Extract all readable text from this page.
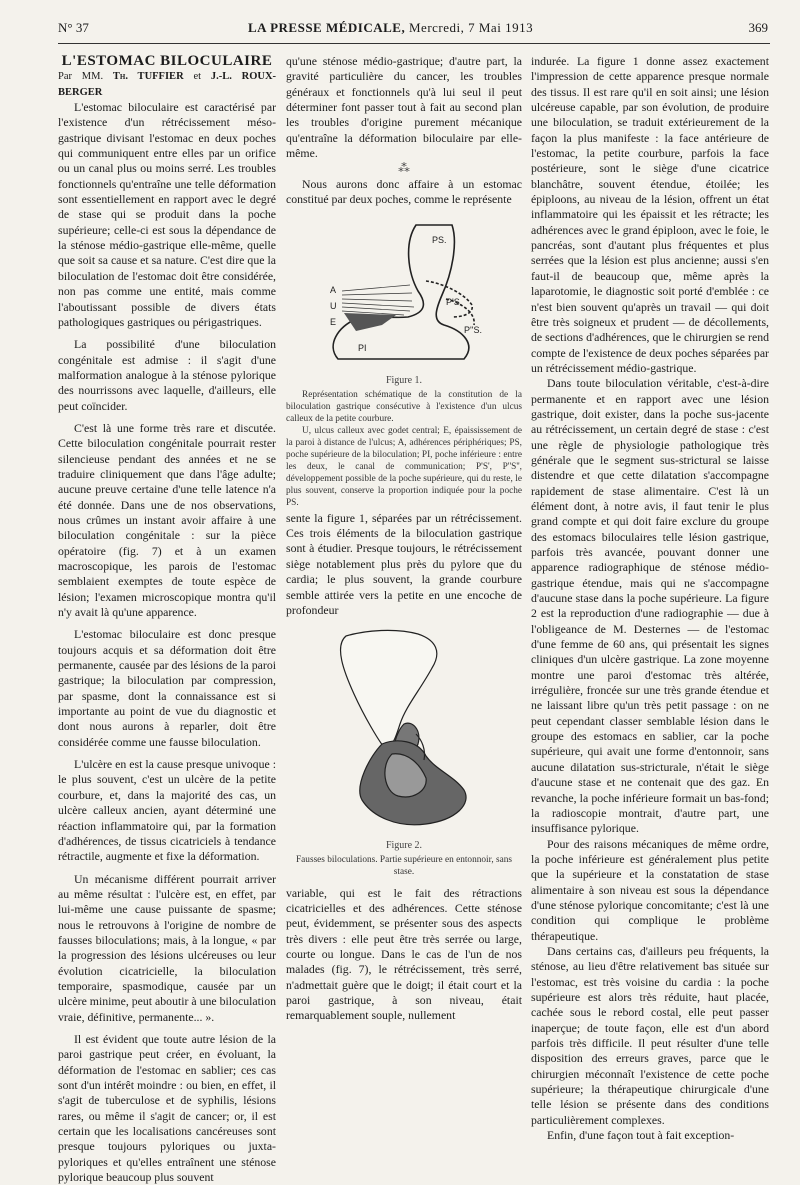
N° 37	LA PRESSE MÉDICALE, Mercredi, 7 Mai 1913	369

L'ESTOMAC BILOCULAIRE

Par MM. Th. TUFFIER et J.-L. ROUX-BERGER

L'estomac biloculaire est caractérisé par l'existence d'un rétrécissement méso-gastrique divisant l'estomac en deux poches qui communiquent entre elles par un orifice ou un canal plus ou moins serré. Les troubles fonctionnels qu'entraîne une telle déformation sont essentiellement en rapport avec le degré de stase qui se produit dans la poche supérieure; celle-ci est sous la dépendance de la sténose médio-gastrique elle-même, quelle que soit sa cause et sa nature. C'est dire que la biloculation de l'estomac doit être considérée, non pas comme une entité, mais comme l'aboutissant possible de divers états pathologiques gastriques ou périgastriques.

La possibilité d'une biloculation congénitale est admise : il s'agit d'une malformation analogue à la sténose pylorique des nourrissons avec laquelle, d'ailleurs, elle peut coïncider.

C'est là une forme très rare et discutée. Cette biloculation congénitale pourrait rester silencieuse pendant des années et ne se traduire cliniquement que dans l'âge adulte; aucune preuve certaine d'une telle latence n'a été donnée. Dans une de nos observations, nous crûmes un instant avoir affaire à une biloculation congénitale : sur la pièce opératoire (fig. 7) et à un examen macroscopique, les parois de l'estomac semblaient exemptes de toute espèce de lésion; l'examen microscopique montra qu'il n'y avait là qu'une apparence.

L'estomac biloculaire est donc presque toujours acquis et sa déformation doit être permanente, causée par des lésions de la paroi gastrique; la biloculation par compression, par spasme, dont la connaissance est si importante au point de vue du diagnostic et dont nous aurons à reparler, doit être considérée comme une fausse biloculation.

L'ulcère en est la cause presque univoque : le plus souvent, c'est un ulcère de la petite courbure, et, dans la majorité des cas, un ulcère calleux ancien, ayant déterminé une réaction inflammatoire qui, par la formation d'adhérences, de tissus cicatriciels à tendance rétractile, augmente et fixe la déformation.

Un mécanisme différent pourrait arriver au même résultat : l'ulcère est, en effet, par lui-même une cause puissante de spasme; nous le retrouvons à l'origine de nombre de fausses biloculations; mais, à la longue, « par la progression des lésions ulcéreuses ou leur évolution cicatricielle, la biloculation temporaire, spasmodique, causée par un ulcère minime, peut aboutir à une biloculation vraie, définitive, permanente... ».

Il est évident que toute autre lésion de la paroi gastrique peut créer, en évoluant, la déformation de l'estomac en sablier; ces cas sont d'un intérêt moindre : ou bien, en effet, il s'agit de tuberculose et de syphilis, lésions rares, ou même il s'agit de cancer; or, il est certain que les localisations cancéreuses sont presque toujours pyloriques ou juxta-pyloriques et qu'elles entraînent une sténose pylorique beaucoup plus souvent

qu'une sténose médio-gastrique; d'autre part, la gravité particulière du cancer, les troubles généraux et fonctionnels qu'à lui seul il peut déterminer font passer tout à fait au second plan les troubles d'origine purement mécanique qu'entraîne la déformation biloculaire par elle-même.

⁂

Nous aurons donc affaire à un estomac constitué par deux poches, comme le représente

PS.
A
U
E
P'S.
P''S.
PI

Figure 1.

Représentation schématique de la constitution de la biloculation gastrique consécutive à l'existence d'un ulcus calleux de la petite courbure.

U, ulcus calleux avec godet central; E, épaississement de la paroi à distance de l'ulcus; A, adhérences périphériques; PS, poche supérieure de la biloculation; PI, poche inférieure : entre les deux, le canal de communication; P'S', P''S'', développement possible de la poche supérieure, qui du reste, le plus souvent, conserve la proportion indiquée pour la poche PS.

sente la figure 1, séparées par un rétrécissement. Ces trois éléments de la biloculation gastrique sont à étudier. Presque toujours, le rétrécissement siège notablement plus près du pylore que du cardia; le plus souvent, la grande courbure semble attirée vers la petite en une encoche de profondeur

Figure 2.

Fausses biloculations. Partie supérieure en entonnoir, sans stase.

variable, qui est le fait des rétractions cicatricielles et des adhérences. Cette sténose peut, évidemment, se présenter sous des aspects très divers : elle peut être très serrée ou large, courte ou longue. Dans le cas de l'un de nos malades (fig. 7), le rétrécissement, très serré, n'admettait guère que le doigt; il était court et la paroi gastrique, à son niveau, était remarquablement souple, nullement

indurée. La figure 1 donne assez exactement l'impression de cette apparence presque normale des tissus. Il est rare qu'il en soit ainsi; une lésion ulcéreuse capable, par son évolution, de produire une biloculation, se traduit extérieurement de la façon la plus manifeste : la face antérieure de l'estomac, la petite courbure, parfois la face postérieure, sont le siège d'une cicatrice blanchâtre, souvent étendue, étoilée; les épiploons, au niveau de la lésion, offrent un état inflammatoire qui les épaissit et les rétracte; les adhérences avec le grand épiploon, avec le foie, le pancréas, sont d'autant plus fréquentes et plus serrées que la lésion est plus ancienne; aussi s'en faut-il de beaucoup que, même après la laparotomie, le diagnostic soit porté d'emblée : ce n'est bien souvent qu'après un travail — qui doit être très soigneux et prudent — de décollements, de sections d'adhérences, que le chirurgien se rend compte de l'existence de deux poches séparées par un rétrécissement médio-gastrique.

Dans toute biloculation véritable, c'est-à-dire permanente et en rapport avec une lésion gastrique, doit exister, dans la poche sus-jacente au rétrécissement, un certain degré de stase : c'est une règle de physiologie pathologique très générale que le segment sus-strictural se laisse distendre et que cette dilatation s'accompagne rapidement de stase alimentaire. C'est là un élément dont, à notre avis, il faut tenir le plus grand compte et qui doit faire exclure du groupe des estomacs biloculaires telle lésion gastrique, parfois très avancée, pouvant donner une apparence radiographique de sténose médio-gastrique étendue, mais qui ne s'accompagne d'aucune stase dans la poche supérieure. La figure 2 est la reproduction d'une radiographie — due à l'obligeance de M. Desternes — de l'estomac d'une femme de 60 ans, qui présentait les signes cliniques d'un ulcère gastrique. La zone moyenne montre une paroi d'estomac très altérée, irrégulière, froncée sur une très grande étendue et ne laissant libre qu'un très petit passage : on ne peut cependant classer semblable lésion dans le groupe des estomacs en sablier, car la poche supérieure, qui avait une forme d'entonnoir, sans aucune dilatation sus-stricturale, n'était le siège d'aucune stase et ne contenait que des gaz. En revanche, la poche inférieure formait un bas-fond; la radioscopie montrait, d'autre part, une insuffisance pylorique.

Pour des raisons mécaniques de même ordre, la poche inférieure est généralement plus petite que la supérieure et la constatation de stase alimentaire à son niveau est sous la dépendance d'une sténose pylorique concomitante; c'est là une condition qui complique le problème thérapeutique.

Dans certains cas, d'ailleurs peu fréquents, la sténose, au lieu d'être relativement bas située sur l'estomac, est très voisine du cardia : la poche supérieure est alors très réduite, haut placée, cachée sous le rebord costal, elle peut passer inaperçue; de toute façon, elle est d'un abord parfois très difficile. Il peut résulter d'une telle disposition des erreurs graves, parce que le chirurgien méconnaît l'existence de cette poche supérieure; la thérapeutique chirurgicale d'une telle lésion se présente dans des conditions particulièrement complexes.

Enfin, d'une façon tout à fait exception-
